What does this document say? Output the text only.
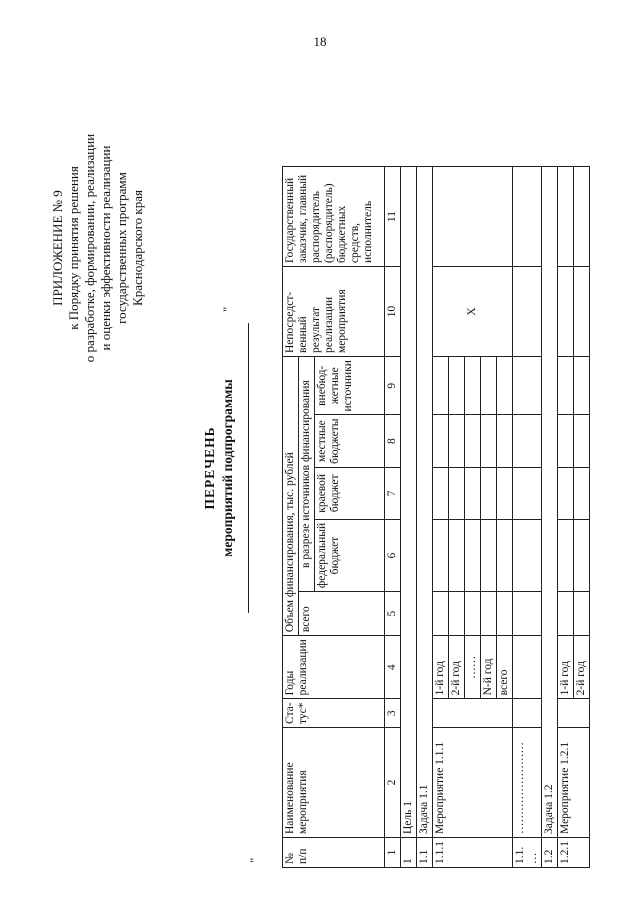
18
ПРИЛОЖЕНИЕ № 9 к Порядку принятия решения о разработке, формировании, реализации и оценки эффективности реализации государственных программ Краснодарского края
"
"
ПЕРЕЧЕНЬ мероприятий подпрограммы
№ п/п	Наименование мероприятия	Ста-тус*	Годы реализации	Объем финансирования, тыс. рублей					Непосредст-венный результат реализации мероприятия	Государственный заказчик, главный распорядитель (распорядитель) бюджетных средств, исполнитель
				всего	в разрезе источников финансирования					
					федеральный бюджет	краевой бюджет	местные бюджеты	внебюд-жетные источники		
1	2	3	4	5	6	7	8	9	10	11
1	Цель 1									
1.1	Задача 1.1									
1.1.1	Мероприятие 1.1.1		1-й год						X	
			2-й год							
			……							
			N-й год							
			всего							
1.1. …	……………………									
1.2	Задача 1.2									
1.2.1	Мероприятие 1.2.1		1-й год							
			2-й год							
